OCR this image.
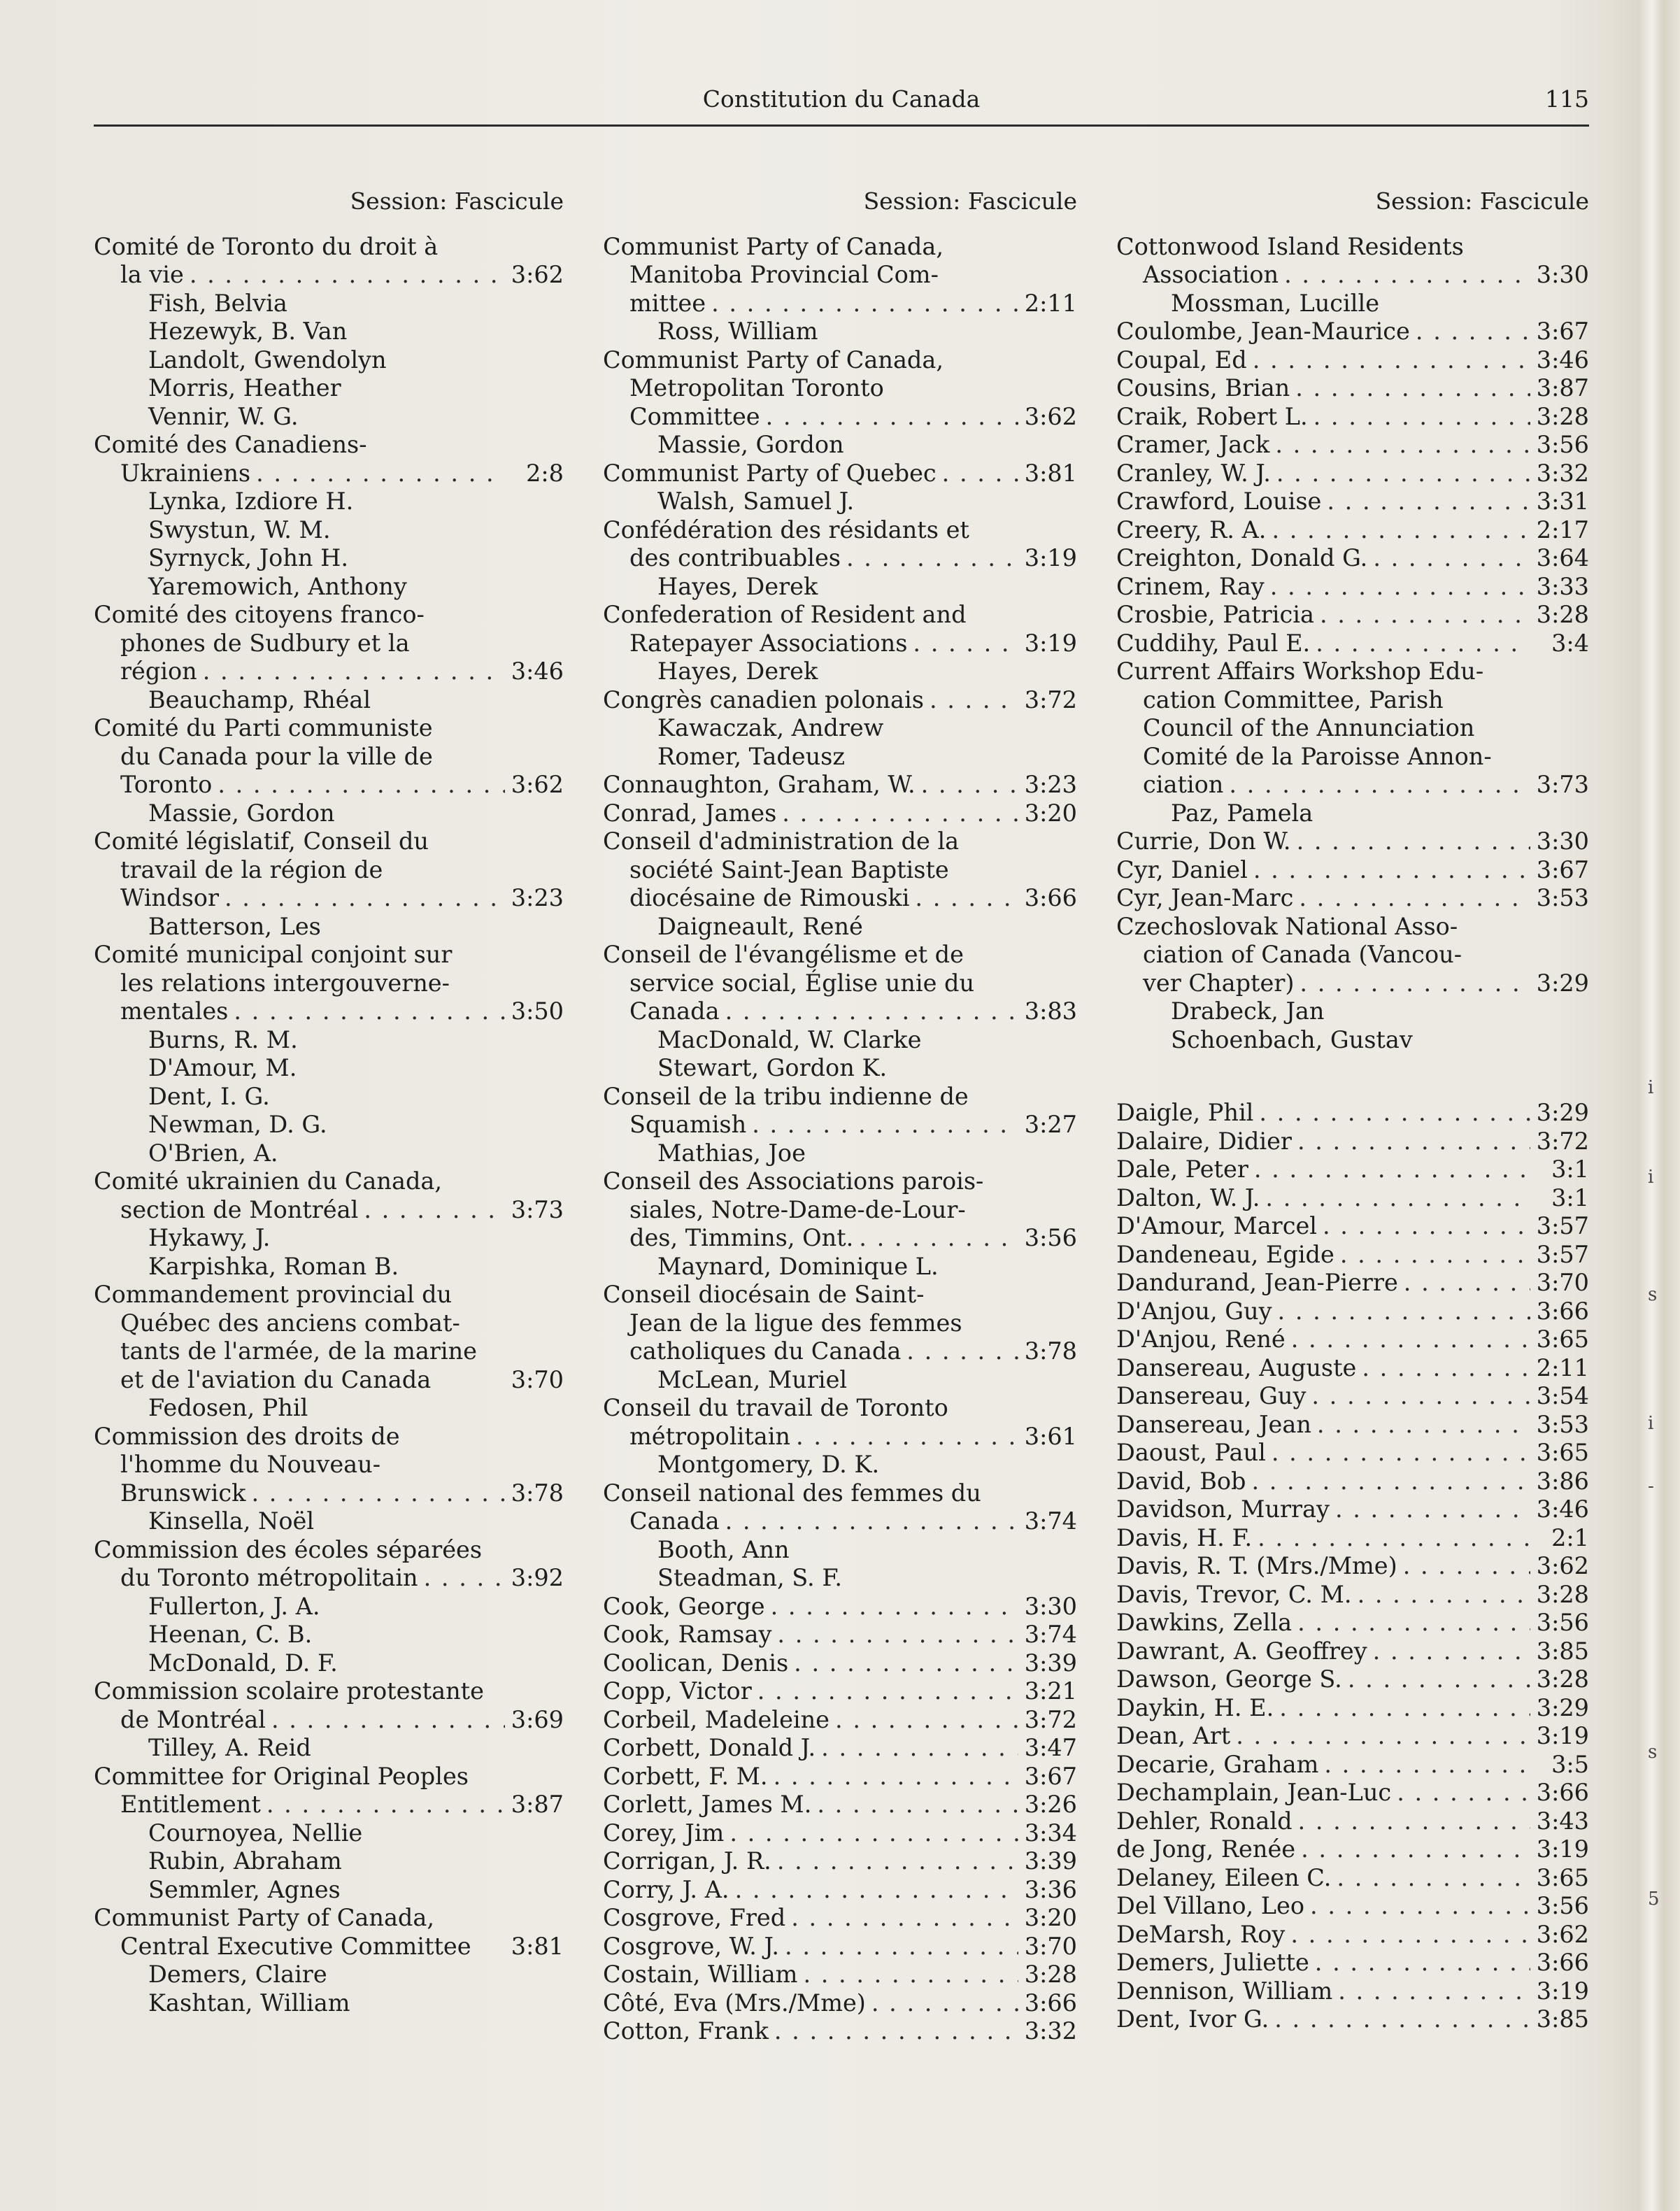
Constitution du Canada	115
Session: Fascicule
Comité de Toronto du droit à
la vie . . .	3:62
Fish, Belvia
Hezewyk, B. Van
Landolt, Gwendolyn
Morris, Heather
Vennir, W. G.
Comité des Canadiens-
Ukrainiens . . .	2:8
Lynka, Izdiore H.
Swystun, W. M.
Syrnyck, John H.
Yaremowich, Anthony
Comité des citoyens franco-
phones de Sudbury et la
région . . .	3:46
Beauchamp, Rhéal
Comité du Parti communiste
du Canada pour la ville de
Toronto . . .	3:62
Massie, Gordon
Comité législatif, Conseil du
travail de la région de
Windsor . . .	3:23
Batterson, Les
Comité municipal conjoint sur
les relations intergouverne-
mentales . . .	3:50
Burns, R. M.
D'Amour, M.
Dent, I. G.
Newman, D. G.
O'Brien, A.
Comité ukrainien du Canada,
section de Montréal . . .	3:73
Hykawy, J.
Karpishka, Roman B.
Commandement provincial du
Québec des anciens combat-
tants de l'armée, de la marine
et de l'aviation du Canada	3:70
Fedosen, Phil
Commission des droits de
l'homme du Nouveau-
Brunswick . . .	3:78
Kinsella, Noël
Commission des écoles séparées
du Toronto métropolitain . . .	3:92
Fullerton, J. A.
Heenan, C. B.
McDonald, D. F.
Commission scolaire protestante
de Montréal . . .	3:69
Tilley, A. Reid
Committee for Original Peoples
Entitlement . . .	3:87
Cournoyea, Nellie
Rubin, Abraham
Semmler, Agnes
Communist Party of Canada,
Central Executive Committee 3:81
Demers, Claire
Kashtan, William
Session: Fascicule
Communist Party of Canada,
Manitoba Provincial Com-
mittee . . .	2:11
Ross, William
Communist Party of Canada,
Metropolitan Toronto
Committee . . .	3:62
Massie, Gordon
Communist Party of Quebec . . .	3:81
Walsh, Samuel J.
Confédération des résidants et
des contribuables . . .	3:19
Hayes, Derek
Confederation of Resident and
Ratepayer Associations . . .	3:19
Hayes, Derek
Congrès canadien polonais . . .	3:72
Kawaczak, Andrew
Romer, Tadeusz
Connaughton, Graham, W. . . .	3:23
Conrad, James . . .	3:20
Conseil d'administration de la
société Saint-Jean Baptiste
diocésaine de Rimouski . . .	3:66
Daigneault, René
Conseil de l'évangélisme et de
service social, Église unie du
Canada . . .	3:83
MacDonald, W. Clarke
Stewart, Gordon K.
Conseil de la tribu indienne de
Squamish . . .	3:27
Mathias, Joe
Conseil des Associations parois-
siales, Notre-Dame-de-Lour-
des, Timmins, Ont. . . .	3:56
Maynard, Dominique L.
Conseil diocésain de Saint-
Jean de la ligue des femmes
catholiques du Canada . . .	3:78
McLean, Muriel
Conseil du travail de Toronto
métropolitain . . .	3:61
Montgomery, D. K.
Conseil national des femmes du
Canada . . .	3:74
Booth, Ann
Steadman, S. F.
Cook, George . . .	3:30
Cook, Ramsay . . .	3:74
Coolican, Denis . . .	3:39
Copp, Victor . . .	3:21
Corbeil, Madeleine . . .	3:72
Corbett, Donald J. . . .	3:47
Corbett, F. M. . . .	3:67
Corlett, James M. . . .	3:26
Corey, Jim . . .	3:34
Corrigan, J. R. . . .	3:39
Corry, J. A. . . .	3:36
Cosgrove, Fred . . .	3:20
Cosgrove, W. J. . . .	3:70
Costain, William . . .	3:28
Côté, Eva (Mrs./Mme) . . .	3:66
Cotton, Frank . . .	3:32
Session: Fascicule
Cottonwood Island Residents
Association . . .	3:30
Mossman, Lucille
Coulombe, Jean-Maurice . . .	3:67
Coupal, Ed . . .	3:46
Cousins, Brian . . .	3:87
Craik, Robert L. . . .	3:28
Cramer, Jack . . .	3:56
Cranley, W. J. . . .	3:32
Crawford, Louise . . .	3:31
Creery, R. A. . . .	2:17
Creighton, Donald G. . . .	3:64
Crinem, Ray . . .	3:33
Crosbie, Patricia . . .	3:28
Cuddihy, Paul E. . . .	3:4
Current Affairs Workshop Edu-
cation Committee, Parish
Council of the Annunciation
Comité de la Paroisse Annon-
ciation . . .	3:73
Paz, Pamela
Currie, Don W. . . .	3:30
Cyr, Daniel . . .	3:67
Cyr, Jean-Marc . . .	3:53
Czechoslovak National Asso-
ciation of Canada (Vancou-
ver Chapter) . . .	3:29
Drabeck, Jan
Schoenbach, Gustav
Daigle, Phil . . .	3:29
Dalaire, Didier . . .	3:72
Dale, Peter . . .	3:1
Dalton, W. J. . . .	3:1
D'Amour, Marcel . . .	3:57
Dandeneau, Egide . . .	3:57
Dandurand, Jean-Pierre . . .	3:70
D'Anjou, Guy . . .	3:66
D'Anjou, René . . .	3:65
Dansereau, Auguste . . .	2:11
Dansereau, Guy . . .	3:54
Dansereau, Jean . . .	3:53
Daoust, Paul . . .	3:65
David, Bob . . .	3:86
Davidson, Murray . . .	3:46
Davis, H. F. . . .	2:1
Davis, R. T. (Mrs./Mme) . . .	3:62
Davis, Trevor, C. M. . . .	3:28
Dawkins, Zella . . .	3:56
Dawrant, A. Geoffrey . . .	3:85
Dawson, George S. . . .	3:28
Daykin, H. E. . . .	3:29
Dean, Art . . .	3:19
Decarie, Graham . . .	3:5
Dechamplain, Jean-Luc . . .	3:66
Dehler, Ronald . . .	3:43
de Jong, Renée . . .	3:19
Delaney, Eileen C. . . .	3:65
Del Villano, Leo . . .	3:56
DeMarsh, Roy . . .	3:62
Demers, Juliette . . .	3:66
Dennison, William . . .	3:19
Dent, Ivor G. . . .	3:85
i
i
s
i
-
s
5
